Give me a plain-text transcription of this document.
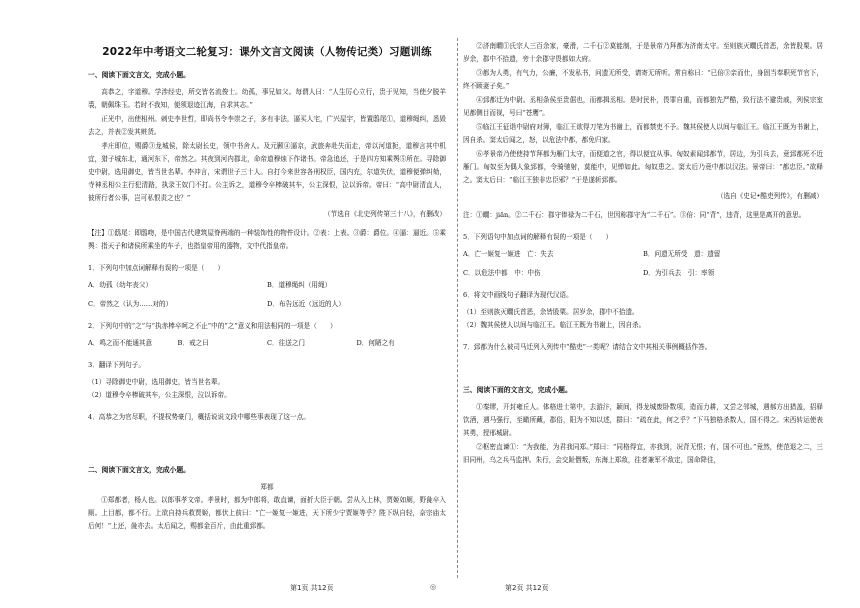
2022年中考语文二轮复习：课外文言文阅读（人物传记类）习题训练
一、阅读下面文言文，完成小题。

高恭之，字道穆。学涉经史，所交皆名流俊士。幼孤，事兄如父。每谓人曰：“人生厉心立行，贵于见知，当使夕脱羊裘，朝佩珠玉。若时不我知，便须退迹江海，自求其志。”

正光中，出使相州。刺史李世哲，即尚书令李崇之子，多有非法，逼买人宅，广兴屋宇，皆置鸱尾①，道穆绳纠，悉毁去之，并表②发其赃货。

孝庄即位，赐爵③龙城侯，除太尉长史，领中书舍人。及元颢④逼京，武旅奔赴失而走，帝以河道扼，道穆言其中机宜，猎子城东北，通河东下，帝然之。其夜到河内郡北，命帝道穆烛下作诸书。帝急追还，于是四方知乘舆⑤所在。寻除御史中尉，选用御史，皆当世名辈。李冲言，宋谓世子三十人。自打今来世容各刑权臣，国内充，尔道失伏，道穆便弹纠劾，寺神丞相公主行犯清路，执录王奴门不打。公主诉之，道穆令卒棒破其车，公主深恨，泣以诉帝。帝曰：“高中尉清直人，彼所行者公事，岂可私恨责之也？”

（节选自《北史列传第三十八》，有删改）

【注】①鸱尾：即鸱吻，是中国古代建筑屋脊两端的一种装饰性的物件设计。②表：上表。③爵：爵位。④逼：逼近。⑤乘舆：指天子和诸侯所乘坐的车子，也指皇帝用的器物，文中代指皇帝。

1．下列句中加点词解释有误的一项是（　　）
A．幼孤（幼年丧父）	B．道穆绳纠（用绳）
C．帝然之（认为……对的）	D．布告远近（远近的人）
2．下列句中的“之”与“执赤棒卒呵之不止”中的“之”意义和用法相同的一项是（　　）
A．鸣之而不能通其意	B．戒之曰	C．往送之门	D．何陋之有
3．翻译下列句子。
（1）寻除御史中尉，选用御史，皆当世名辈。
（2）道穆令卒棒破其车，公主深恨，泣以诉帝。
4．高恭之为官尽职，不提权势豪门，概括说说文段中哪些事表现了这一点。
二、阅读下面文言文，完成小题。
郑都

①郑都者，杨人也。以郎事孝文帝。孝景时，都为中郎将，敢直谏，面折大臣于朝。尝从入上林，贾姬如厕，野彘卒入厕。上目都，都不行。上欲自持兵救贾姬，都伏上前曰：“亡一姬复一姬进，天下所少宁贾姬等乎？陛下纵自轻，奈宗庙太后何！”上还，彘亦去。太后闻之，赐都金百斤，由此重郅都。

②济南瞯①氏宗人三百余家，豪滑，二千石②莫能制，于是景帝乃拜都为济南太守。至则族灭瞯氏首恶，余皆股栗。居岁余，郡中不拾遗，旁十余郡守畏都如大府。

③都为人勇，有气力，公廉，不发私书，问遗无所受，请寄无所听。常自称曰：“已倍③亲而仕，身固当奉职死节官下，终不顾妻子矣。”

④郅都迁为中尉。丞相条侯至贵倨也，而都揖丞相。是时民朴，畏罪自重，而都独先严酷，致行法不避贵戚，列侯宗室见都侧目而视，号曰“苍鹰”。

⑤临江王征诣中尉府对簿，临江王欲得刀笔为书谢上，而都禁吏不予。魏其侯使人以间与临江王。临江王既为书谢上，因自杀。窦太后闻之，怒，以危法中都，都免归家。

⑥孝景帝乃使使持节拜都为雁门太守，而便道之官，得以便宜从事。匈奴素闻郅都节，居边，为引兵去，竟郅都死不近雁门。匈奴至为偶人象郅都，令骑驰射，莫能中，见惮如此。匈奴患之。窦太后乃竟中都以汉法。景帝曰：“都忠臣。”欲释之。窦太后曰：“临江王独非忠臣邪？”于是遂斩郅都。

（选自《史记•酷吏列传》，有删减）

注：①瞯：jiān。②二千石：郡守俸禄为二千石，世因称郡守为“二千石”。③倍：同“背”，违背，这里是离开的意思。

5．下列语句中加点词的解释有误的一项是（　　）
A．亡一姬复一姬进　亡：失去	B．问遗无所受　遗：遗留
C．以危法中都　中：中伤	D．为引兵去　引：率领
6．将文中画线句子翻译为现代汉语。
（1）至则族灭瞯氏首恶，余皆股栗。居岁余，郡中不拾遗。
（2）魏其侯使人以间与临江王。临江王既为书谢上，因自杀。
7．郅都为什么被司马迁列入列传中“酷吏”一类呢？请结合文中其相关事例概括作答。
三、阅读下面的文言文，完成小题。

①秦缪，开封雍丘人。体格进士第中，去游汴，颖间，得龙城废卧数项，造而力耕，又尝之邻城，遇郝方出猎盖，招驿饮酒，遇马强行，至瞰所藏，郡俗，阳为不知以述，群曰：“疏在此，何之乎？”下马独格杀数人，国不得之。宋西转运使表其勇，授邢城尉。

②枢密直谏①：“为我能，为君我同郑。”郑曰：“同格得宜，亦我到，况背无恨；有，国不可也。”竟然，使范退之二，三旧同州，乌之兵马监押。朱行，会交趾僭叛，东海上郑敌，往者兼军不敌定，国命降往，

第1页 共12页	◎	第2页 共12页
